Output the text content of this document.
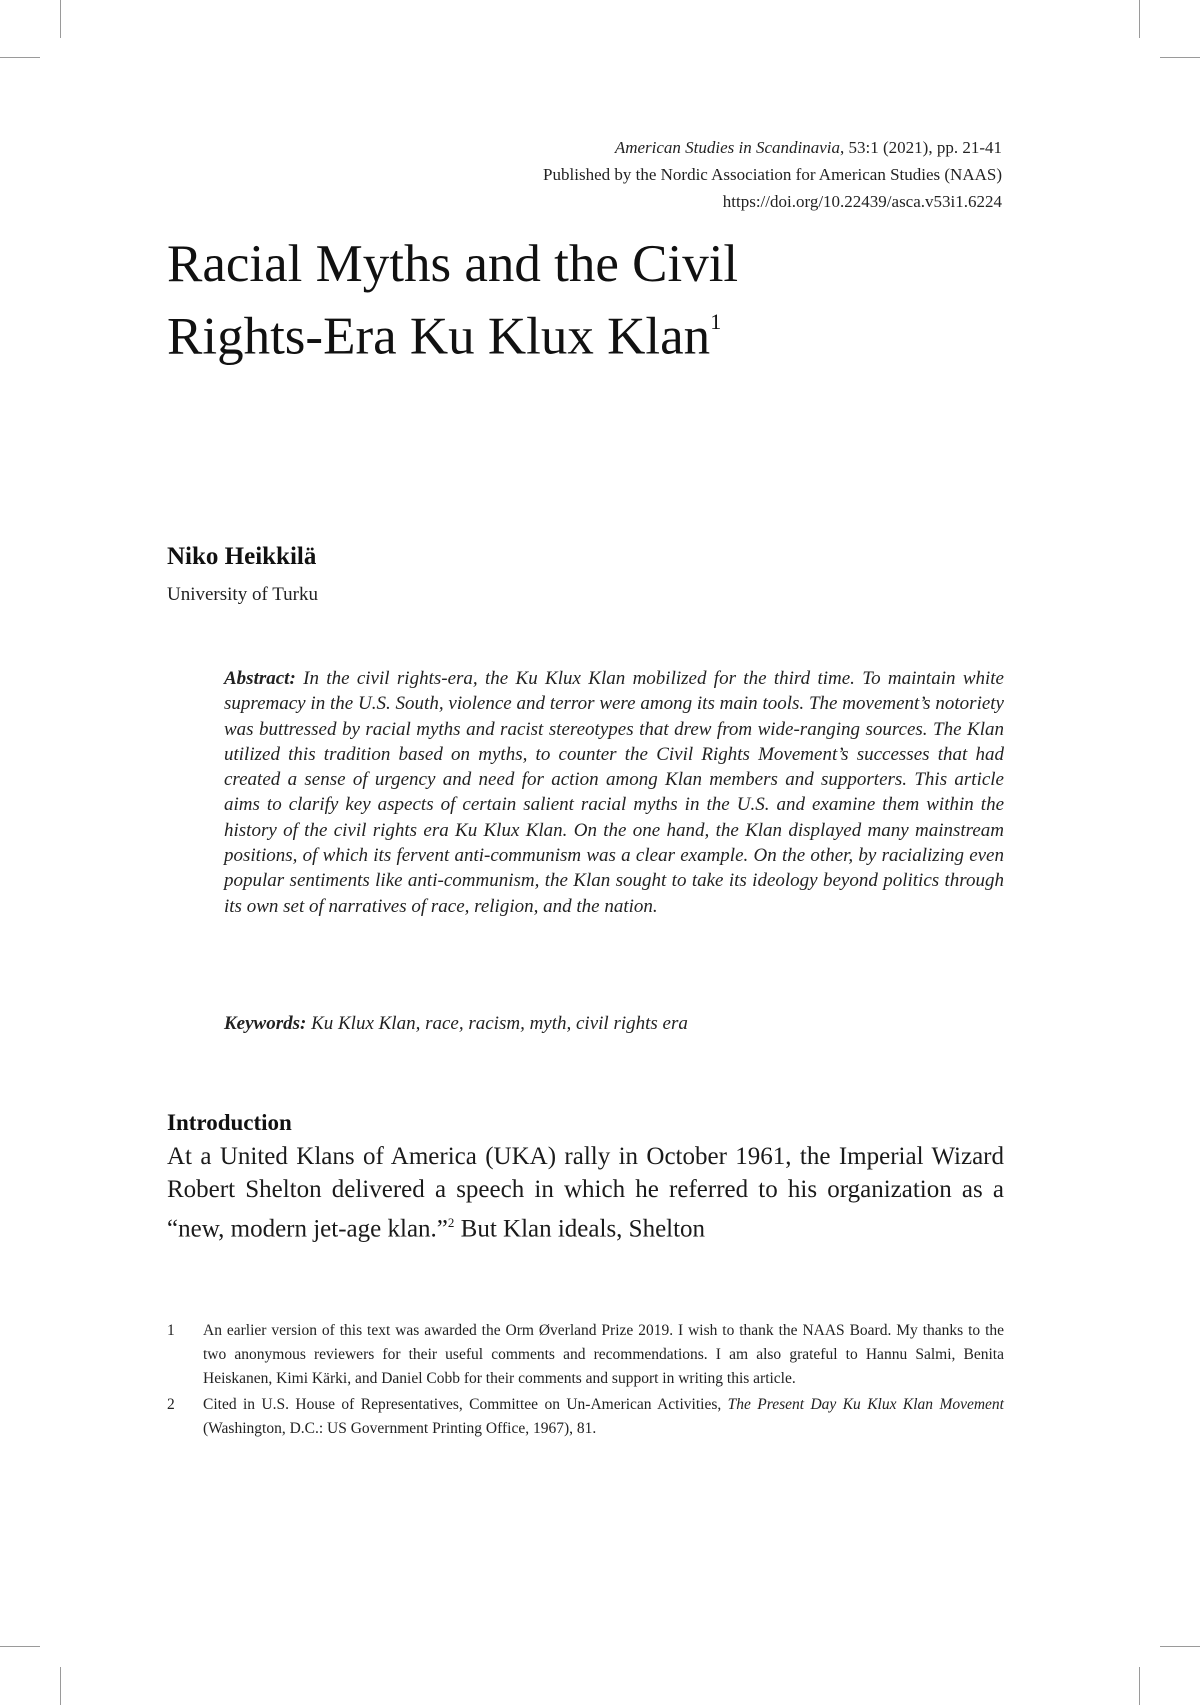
American Studies in Scandinavia, 53:1 (2021), pp. 21-41
Published by the Nordic Association for American Studies (NAAS)
https://doi.org/10.22439/asca.v53i1.6224
Racial Myths and the Civil
Rights-Era Ku Klux Klan$^1$
Niko Heikkilä
University of Turku

Abstract: In the civil rights-era, the Ku Klux Klan mobilized for the third time. To maintain white supremacy in the U.S. South, violence and terror were among its main tools. The movement’s notoriety was buttressed by racial myths and racist stereotypes that drew from wide-ranging sources. The Klan utilized this tradition based on myths, to counter the Civil Rights Movement’s successes that had created a sense of urgency and need for action among Klan members and supporters. This article aims to clarify key aspects of certain salient racial myths in the U.S. and examine them within the history of the civil rights era Ku Klux Klan. On the one hand, the Klan displayed many mainstream positions, of which its fervent anti-communism was a clear example. On the other, by racializing even popular sentiments like anti-communism, the Klan sought to take its ideology beyond politics through its own set of narratives of race, religion, and the nation.

Keywords: Ku Klux Klan, race, racism, myth, civil rights era

Introduction

At a United Klans of America (UKA) rally in October 1961, the Imperial Wizard Robert Shelton delivered a speech in which he referred to his organization as a “new, modern jet-age klan.”$^2$ But Klan ideals, Shelton

1	An earlier version of this text was awarded the Orm Øverland Prize 2019. I wish to thank the NAAS Board. My thanks to the two anonymous reviewers for their useful comments and recommendations. I am also grateful to Hannu Salmi, Benita Heiskanen, Kimi Kärki, and Daniel Cobb for their comments and support in writing this article.
2	Cited in U.S. House of Representatives, Committee on Un-American Activities, The Present Day Ku Klux Klan Movement (Washington, D.C.: US Government Printing Office, 1967), 81.
